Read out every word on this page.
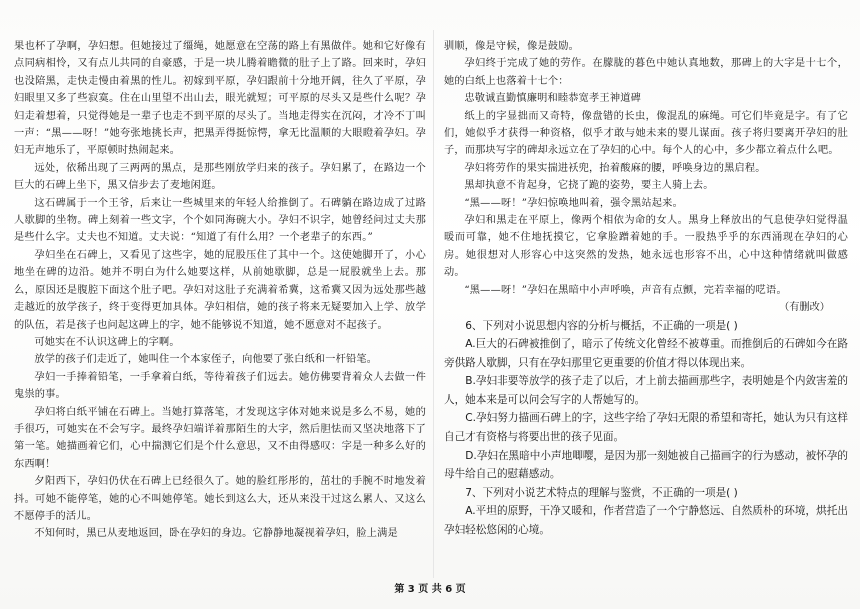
果也杯了孕啊，孕妇想。但她接过了缰绳，她愿意在空荡的路上有黑做伴。她和它好像有点同病相怜，又有点儿共同的自豪感，于是一块儿腾着瞻微的肚子上了路。回来时，孕妇也没陪黑，走快走慢由着黑的性儿。初嫁到平原，孕妇跟前十分地开阔，往久了平原，孕妇眼里又多了些寂寞。住在山里望不出山去，眼光就短；可平原的尽头又是些什么呢？孕妇走着想着，只觉得她是一辈子也走不到平原的尽头了。当地走得实在沉闷，才冷不丁叫一声：“黑——呀！”她夸张地挑长声，把黑弄得挺惊愕，拿无比温顺的大眼瞪着孕妇。孕妇无声地乐了，平原顿时热闹起来。

远处，依稀出现了三两两的黑点，是那些刚放学归来的孩子。孕妇累了，在路边一个巨大的石碑上坐下，黑又信步去了麦地闲逛。

这石碑属于一个王爷，后来让一些城里来的年轻人给推倒了。石碑躺在路边成了过路人歇脚的坐物。碑上刻着一些文字，个个如同海碗大小。孕妇不识字，她曾经问过丈夫那是些什么字。丈夫也不知道。丈夫说：“知道了有什么用？一个老辈子的东西。”

孕妇坐在石碑上，又看见了这些字，她的屁股压住了其中一个。这使她脚开了，小心地坐在碑的边沿。她并不明白为什么她要这样，从前她歇脚，总是一屁股就坐上去。那么，原因还是腹腔下面这个肚子吧。孕妇对这肚子充满着希冀，这希冀又因为远处那些越走越近的放学孩子，终于变得更加具体。孕妇相信，她的孩子将来无疑要加入上学、放学的队伍，若是孩子也问起这碑上的字，她不能够说不知道，她不愿意对不起孩子。

可她实在不认识这碑上的字啊。

放学的孩子们走近了，她叫住一个本家侄子，向他要了张白纸和一杆铅笔。

孕妇一手捧着铅笔，一手拿着白纸，等待着孩子们远去。她仿佛要背着众人去做一件鬼祟的事。

孕妇将白纸平铺在石碑上。当她打算落笔，才发现这字体对她来说是多么不易，她的手很巧，可她实在不会写字。最终孕妇端详着那陌生的大字，然后胆怯而又坚决地落下了第一笔。她描画着它们，心中揣测它们是个什么意思，又不由得感叹：字是一种多么好的东西啊！

夕阳西下，孕妇仍伏在石碑上已经很久了。她的脸红彤彤的，茁壮的手腕不时地发着抖。可她不能停笔，她的心不叫她停笔。她长到这么大，还从来没干过这么累人、又这么不愿停手的活儿。

不知何时，黑已从麦地返回，卧在孕妇的身边。它静静地凝视着孕妇，脸上满是

驯顺，像是守候，像是鼓励。

孕妇终于完成了她的劳作。在朦胧的暮色中她认真地数，那碑上的大字是十七个，她的白纸上也落着十七个：

忠敬诚直勤慎廉明和睦恭宽孝王神道碑

纸上的字显拙而又奇特，像盘错的长虫，像混乱的麻绳。可它们毕竟是字。有了它们，她似乎才获得一种资格，似乎才敢与她未来的婴儿谋面。孩子将归要离开孕妇的肚子，而那块写字的碑却永远立在了孕妇的心中。每个人的心中，多少都立着点什么吧。

孕妇将劳作的果实揣进袄兜，抬着酸麻的腰，呼唤身边的黑启程。

黑却执意不肯起身，它挠了跪的姿势，要主人骑上去。

“黑——呀！”孕妇惊唤地叫着，强令黑站起来。

孕妇和黑走在平原上，像两个相依为命的女人。黑身上释放出的气息使孕妇觉得温暖而可靠，她不住地抚摸它，它拿脸蹭着她的手。一股热乎乎的东西涌现在孕妇的心房。她很想对人形容心中这突然的发热，她永远也形容不出，心中这种情绪就叫做感动。

“黑——呀！”孕妇在黑暗中小声呼唤，声音有点颤，完若幸福的呓语。

（有删改）

6、下列对小说思想内容的分析与概括，不正确的一项是( )

A.巨大的石碑被推倒了，暗示了传统文化曾经不被尊重。而推倒后的石碑如今在路旁供路人歇脚，只有在孕妇那里它更重要的价值才得以体现出来。

B.孕妇非要等放学的孩子走了以后，才上前去描画那些字，表明她是个内敛害羞的人，她本来是可以问会写字的人帮她写的。

C.孕妇努力描画石碑上的字，这些字给了孕妇无限的希望和寄托，她认为只有这样自己才有资格与将要出世的孩子见面。

D.孕妇在黑暗中小声地唧嘤，是因为那一刻她被自己描画字的行为感动，被怀孕的母牛给自己的慰藉感动。

7、下列对小说艺术特点的理解与鉴赏，不正确的一项是( )

A.平坦的原野，干净又暖和，作者营造了一个宁静悠远、自然质朴的环境，烘托出孕妇轻松悠闲的心境。

第 3 页 共 6 页
